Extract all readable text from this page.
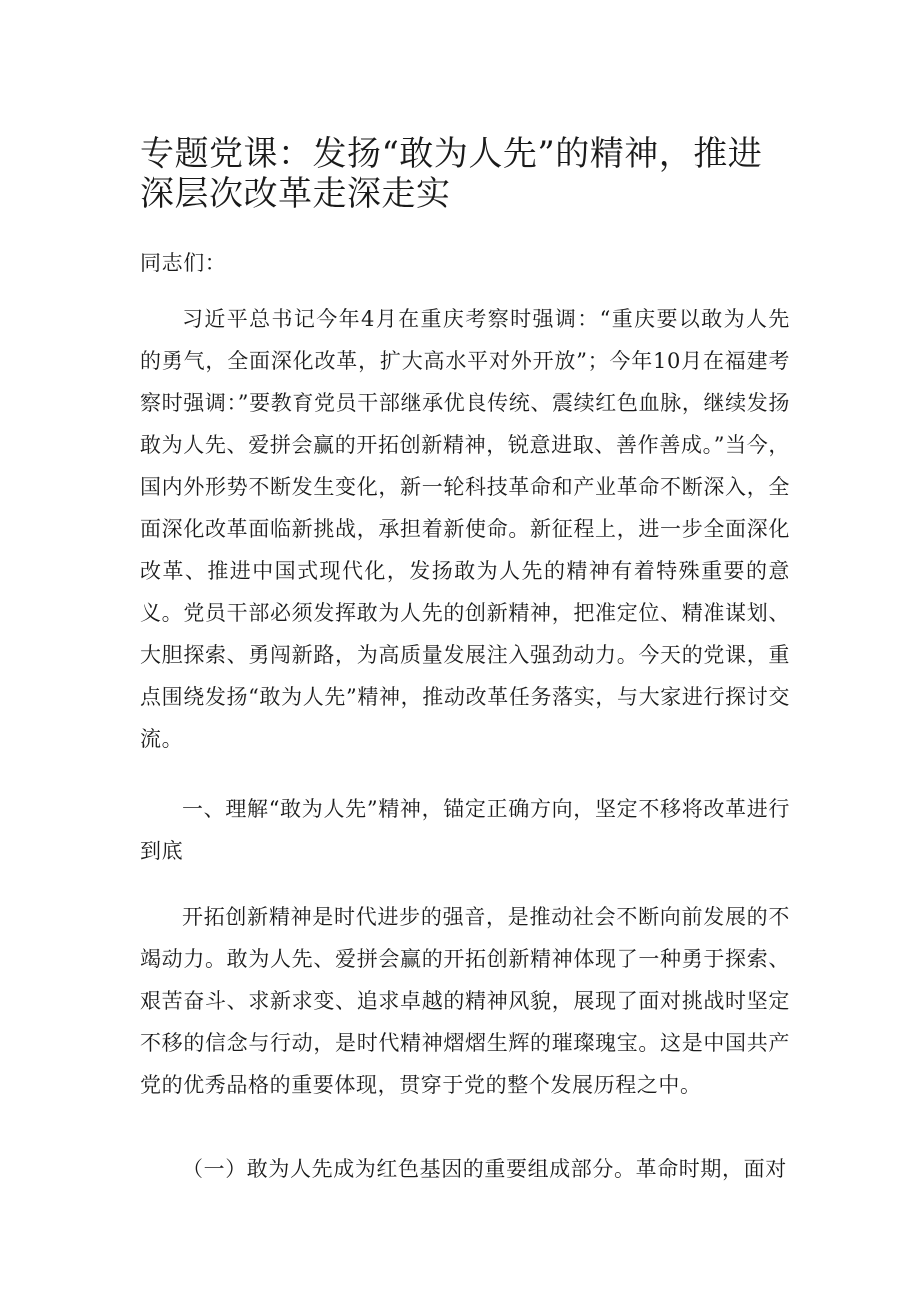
专题党课：发扬“敢为人先”的精神，推进深层次改革走深走实

同志们：

习近平总书记今年4月在重庆考察时强调：“重庆要以敢为人先的勇气，全面深化改革，扩大高水平对外开放”；今年10月在福建考察时强调：”要教育党员干部继承优良传统、震续红色血脉，继续发扬敢为人先、爱拼会赢的开拓创新精神，锐意进取、善作善成。”当今，国内外形势不断发生变化，新一轮科技革命和产业革命不断深入，全面深化改革面临新挑战，承担着新使命。新征程上，进一步全面深化改革、推进中国式现代化，发扬敢为人先的精神有着特殊重要的意义。党员干部必须发挥敢为人先的创新精神，把准定位、精准谋划、大胆探索、勇闯新路，为高质量发展注入强劲动力。今天的党课，重点围绕发扬“敢为人先”精神，推动改革任务落实，与大家进行探讨交流。

一、理解“敢为人先”精神，锚定正确方向，坚定不移将改革进行到底

开拓创新精神是时代进步的强音，是推动社会不断向前发展的不竭动力。敢为人先、爱拼会赢的开拓创新精神体现了一种勇于探索、艰苦奋斗、求新求变、追求卓越的精神风貌，展现了面对挑战时坚定不移的信念与行动，是时代精神熠熠生辉的璀璨瑰宝。这是中国共产党的优秀品格的重要体现，贯穿于党的整个发展历程之中。

（一）敢为人先成为红色基因的重要组成部分。革命时期，面对
